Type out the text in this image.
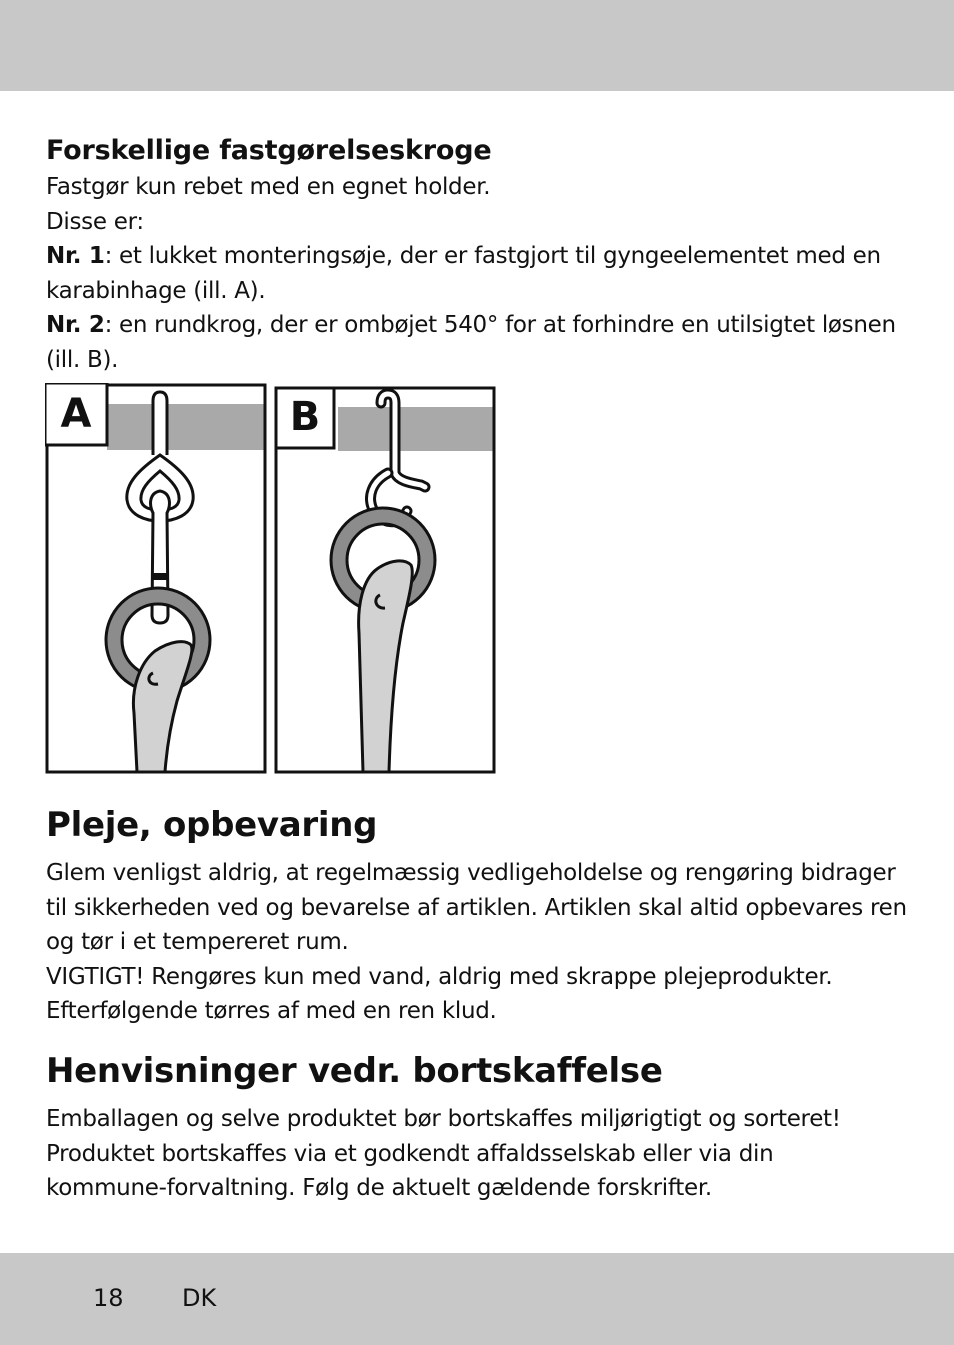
Forskellige fastgørelseskroge

Fastgør kun rebet med en egnet holder.

Disse er:

Nr. 1: et lukket monteringsøje, der er fastgjort til gyngeelementet med en karabinhage (ill. A).

Nr. 2: en rundkrog, der er ombøjet 540° for at forhindre en utilsigtet løsnen (ill. B).

A	B
Pleje, opbevaring

Glem venligst aldrig, at regelmæssig vedligeholdelse og rengøring bidrager til sikkerheden ved og bevarelse af artiklen. Artiklen skal altid opbevares ren og tør i et tempereret rum.

VIGTIGT! Rengøres kun med vand, aldrig med skrappe plejeprodukter. Efterfølgende tørres af med en ren klud.

Henvisninger vedr. bortskaffelse

Emballagen og selve produktet bør bortskaffes miljørigtigt og sorteret!

Produktet bortskaffes via et godkendt affaldsselskab eller via din kommune-forvaltning. Følg de aktuelt gældende forskrifter.

18 DK
